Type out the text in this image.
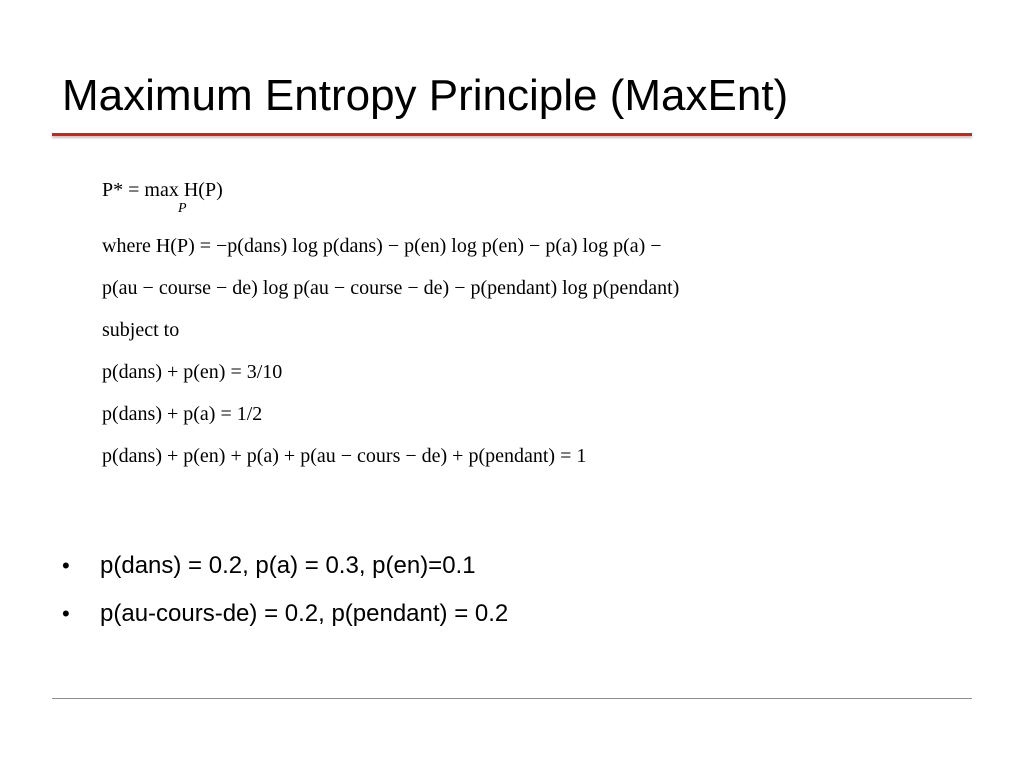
Maximum Entropy Principle (MaxEnt)
P* = max H(P)
P
where H(P) = −p(dans) log p(dans) − p(en) log p(en) − p(a) log p(a) −
p(au − course − de) log p(au − course − de) − p(pendant) log p(pendant)
subject to
p(dans) + p(en) = 3/10
p(dans) + p(a) = 1/2
p(dans) + p(en) + p(a) + p(au − cours − de) + p(pendant) = 1
• p(dans) = 0.2, p(a) = 0.3, p(en)=0.1
• p(au-cours-de) = 0.2, p(pendant) = 0.2
